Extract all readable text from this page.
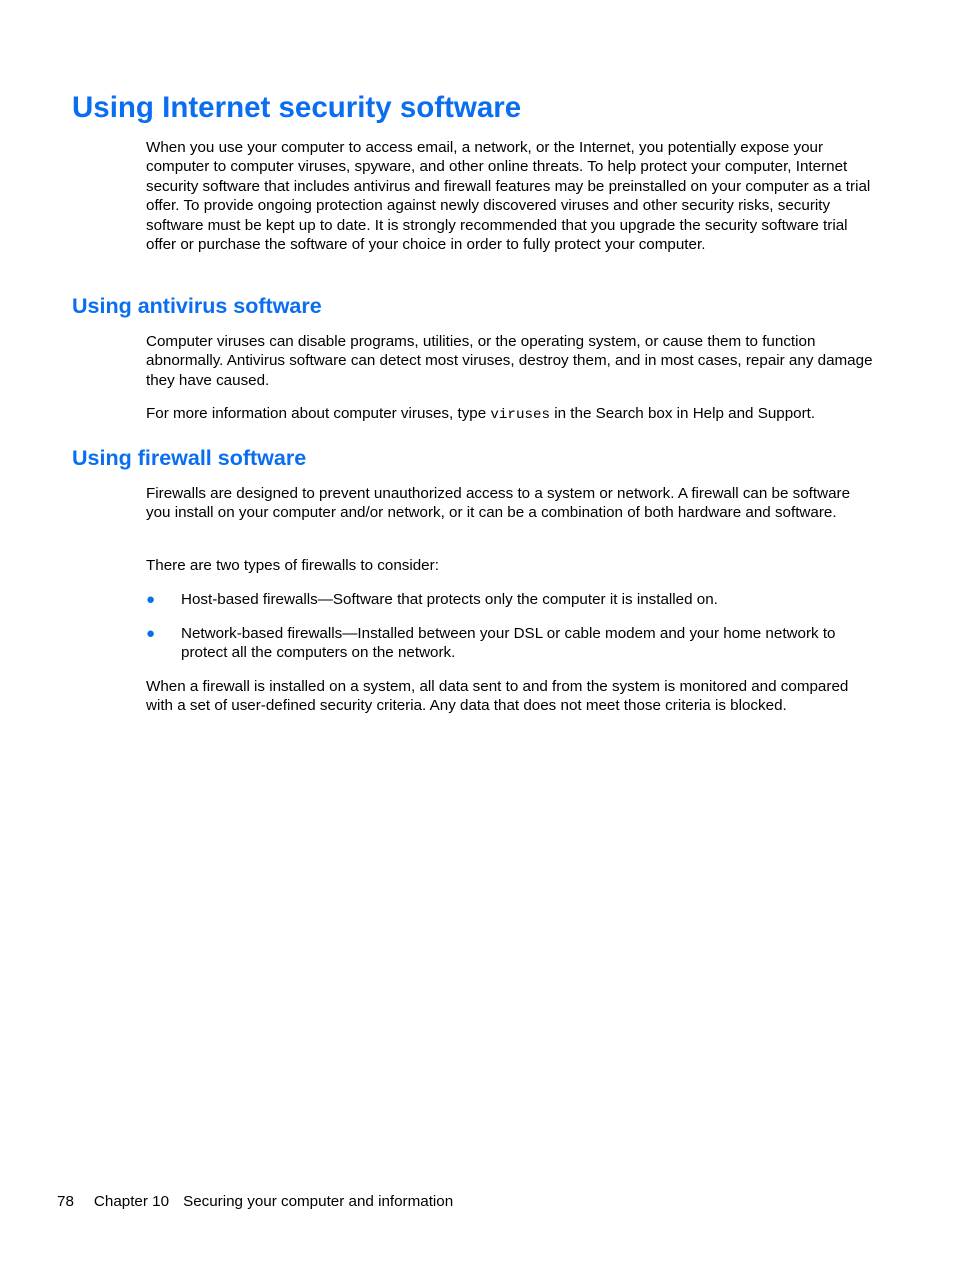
Using Internet security software

When you use your computer to access email, a network, or the Internet, you potentially expose your computer to computer viruses, spyware, and other online threats. To help protect your computer, Internet security software that includes antivirus and firewall features may be preinstalled on your computer as a trial offer. To provide ongoing protection against newly discovered viruses and other security risks, security software must be kept up to date. It is strongly recommended that you upgrade the security software trial offer or purchase the software of your choice in order to fully protect your computer.

Using antivirus software

Computer viruses can disable programs, utilities, or the operating system, or cause them to function abnormally. Antivirus software can detect most viruses, destroy them, and in most cases, repair any damage they have caused.

For more information about computer viruses, type viruses in the Search box in Help and Support.

Using firewall software

Firewalls are designed to prevent unauthorized access to a system or network. A firewall can be software you install on your computer and/or network, or it can be a combination of both hardware and software.

There are two types of firewalls to consider:

● Host-based firewalls—Software that protects only the computer it is installed on.

● Network-based firewalls—Installed between your DSL or cable modem and your home network to protect all the computers on the network.

When a firewall is installed on a system, all data sent to and from the system is monitored and compared with a set of user-defined security criteria. Any data that does not meet those criteria is blocked.

78 Chapter 10 Securing your computer and information
